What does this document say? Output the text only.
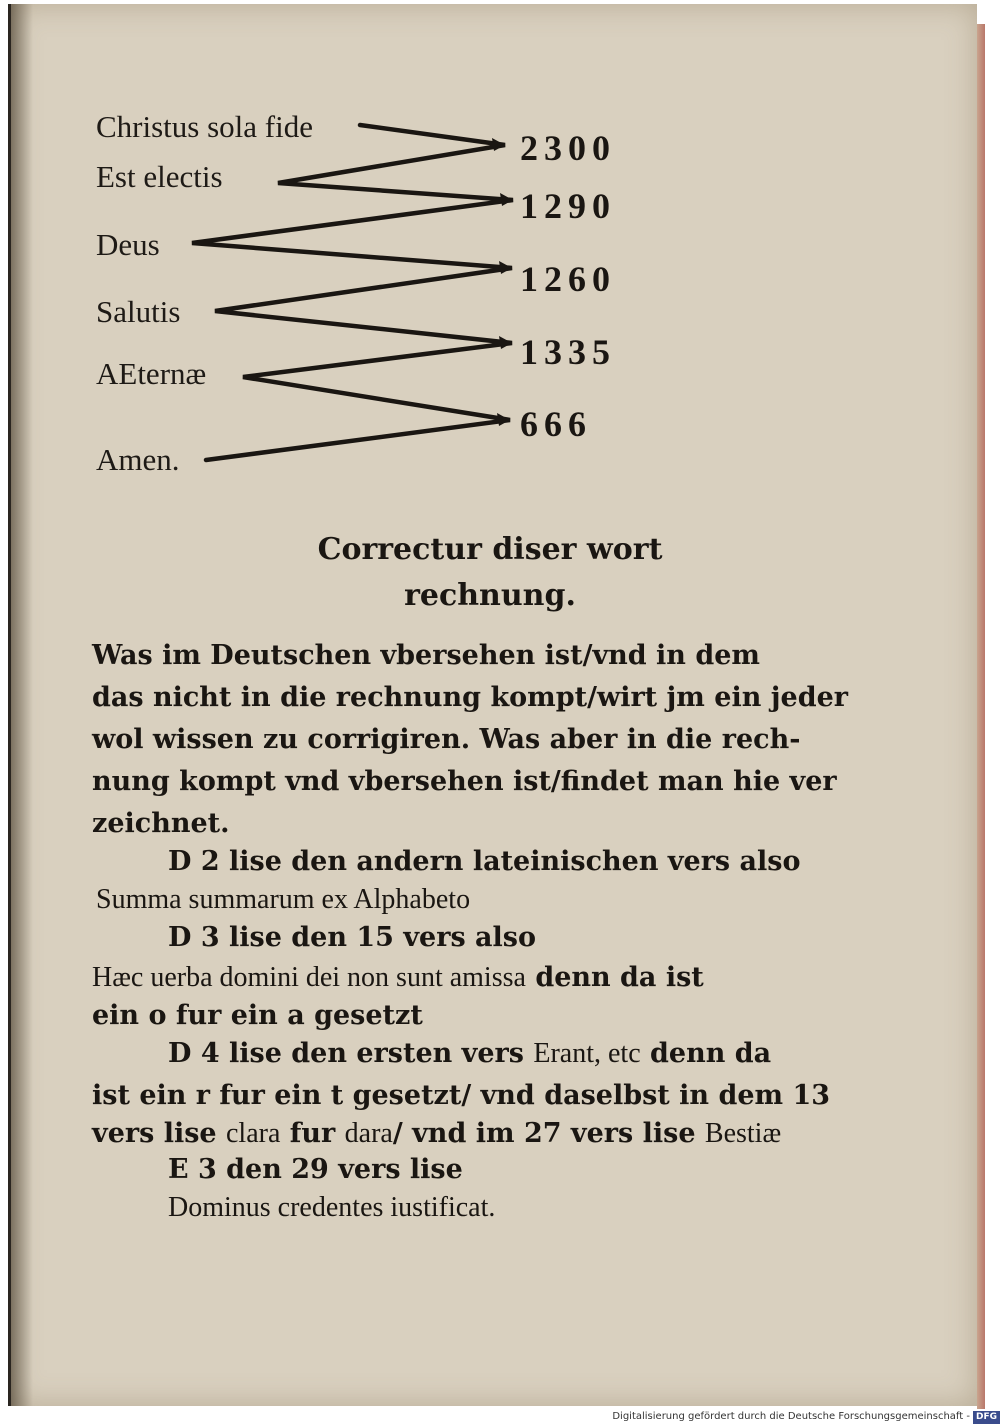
Christus sola fide
Est electis
Deus
Salutis
AEternæ
Amen.
2300
1290
1260
1335
666
Correctur diser wort
rechnung.
Was im Deutschen vbersehen ist/vnd in dem
das nicht in die rechnung kompt/wirt jm ein jeder
wol wissen zu corrigiren. Was aber in die rech-
nung kompt vnd vbersehen ist/findet man hie ver
zeichnet.
D 2 lise den andern lateinischen vers also
Summa summarum ex Alphabeto
D 3 lise den 15 vers also
Hæc uerba domini dei non sunt amissa denn da ist
ein o fur ein a gesetzt
D 4 lise den ersten vers Erant, etc denn da
ist ein r fur ein t gesetzt/ vnd daselbst in dem 13
vers lise clara fur dara/ vnd im 27 vers lise Bestiæ
E 3 den 29 vers lise
Dominus credentes iustificat.
Digitalisierung gefördert durch die Deutsche Forschungsgemeinschaft - DFG
